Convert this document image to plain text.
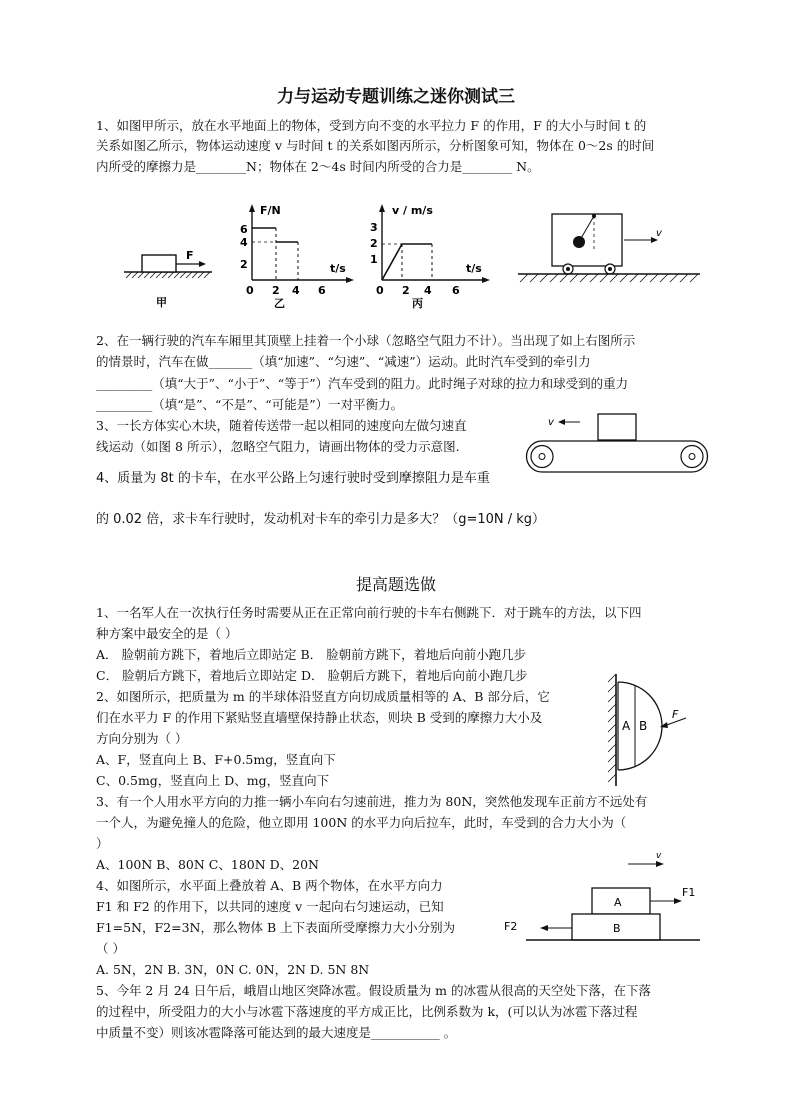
力与运动专题训练之迷你测试三
1、如图甲所示，放在水平地面上的物体，受到方向不变的水平拉力 F 的作用，F 的大小与时间 t 的
关系如图乙所示，物体运动速度 v 与时间 t 的关系如图丙所示，分析图象可知，物体在 0～2s 的时间
内所受的摩擦力是________N；物体在 2～4s 时间内所受的合力是________ N。
F
甲
F/N
6
4
2	t/s
0 2 4 6
乙
v / m/s
3
2
1
t/s
0 2 4 6
丙
v
2、在一辆行驶的汽车车厢里其顶壁上挂着一个小球（忽略空气阻力不计）。当出现了如上右图所示
的情景时，汽车在做_______（填“加速”、“匀速”、“减速”）运动。此时汽车受到的牵引力
_________（填“大于”、“小于”、“等于”）汽车受到的阻力。此时绳子对球的拉力和球受到的重力
_________（填“是”、“不是”、“可能是”）一对平衡力。
3、一长方体实心木块，随着传送带一起以相同的速度向左做匀速直
线运动（如图 8 所示），忽略空气阻力，请画出物体的受力示意图.
v
4、质量为 8t 的卡车，在水平公路上匀速行驶时受到摩擦阻力是车重
的 0.02 倍，求卡车行驶时，发动机对卡车的牵引力是多大？（g=10N / kg）
提高题选做
1、一名军人在一次执行任务时需要从正在正常向前行驶的卡车右侧跳下．对于跳车的方法，以下四
种方案中最安全的是（ ）
A． 脸朝前方跳下，着地后立即站定 B． 脸朝前方跳下，着地后向前小跑几步
C． 脸朝后方跳下，着地后立即站定 D． 脸朝后方跳下，着地后向前小跑几步
2、如图所示，把质量为 m 的半球体沿竖直方向切成质量相等的 A、B 部分后，它
们在水平力 F 的作用下紧贴竖直墙壁保持静止状态，则块 B 受到的摩擦力大小及
方向分别为（ ）
A、F，竖直向上 B、F+0.5mg，竖直向下
C、0.5mg，竖直向上 D、mg，竖直向下
A B
F
3、有一个人用水平方向的力推一辆小车向右匀速前进，推力为 80N，突然他发现车正前方不远处有
一个人，为避免撞人的危险，他立即用 100N 的水平力向后拉车，此时，车受到的合力大小为（
）
A、100N B、80N C、180N D、20N
4、如图所示，水平面上叠放着 A、B 两个物体，在水平方向力
F1 和 F2 的作用下，以共同的速度 v 一起向右匀速运动，已知
F1=5N，F2=3N，那么物体 B 上下表面所受摩擦力大小分别为
（ ）
A. 5N，2N B. 3N，0N C. 0N，2N D. 5N 8N
v
A
B
F1
F2
5、今年 2 月 24 日午后，峨眉山地区突降冰雹。假设质量为 m 的冰雹从很高的天空处下落，在下落
的过程中，所受阻力的大小与冰雹下落速度的平方成正比，比例系数为 k，(可以认为冰雹下落过程
中质量不变）则该冰雹降落可能达到的最大速度是___________ 。
